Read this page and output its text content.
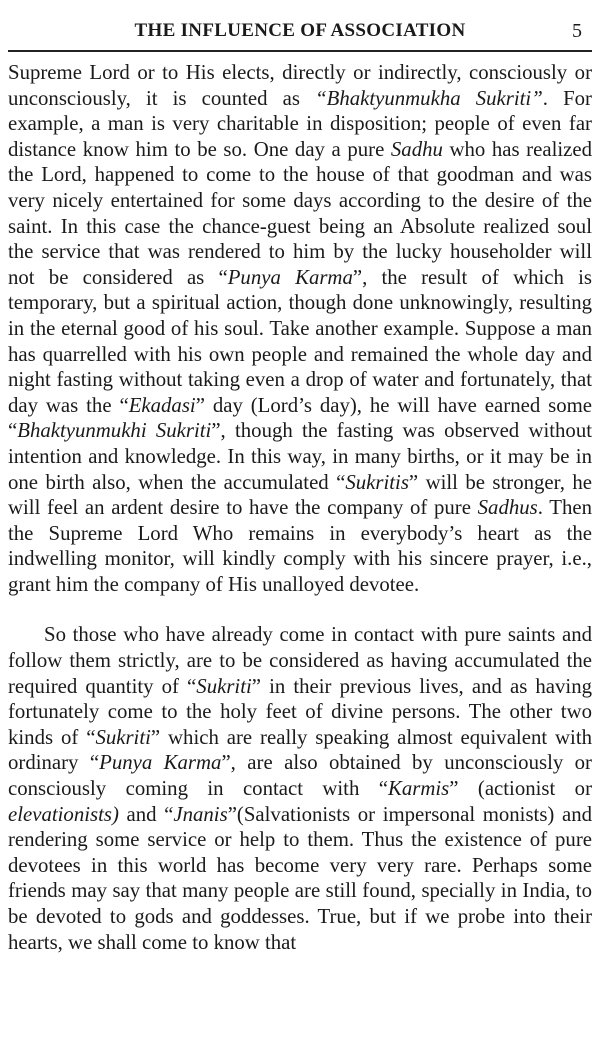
THE INFLUENCE OF ASSOCIATION	5

Supreme Lord or to His elects, directly or indirectly, consciously or unconsciously, it is counted as “Bhaktyunmukha Sukriti”. For example, a man is very charitable in disposition; people of even far distance know him to be so. One day a pure Sadhu who has realized the Lord, happened to come to the house of that goodman and was very nicely entertained for some days according to the desire of the saint. In this case the chance-guest being an Absolute realized soul the service that was rendered to him by the lucky householder will not be considered as “Punya Karma”, the result of which is temporary, but a spiritual action, though done unknowingly, resulting in the eternal good of his soul. Take another example. Suppose a man has quarrelled with his own people and remained the whole day and night fasting without taking even a drop of water and fortunately, that day was the “Ekadasi” day (Lord’s day), he will have earned some “Bhaktyunmukhi Sukriti”, though the fasting was observed without intention and knowledge. In this way, in many births, or it may be in one birth also, when the accumulated “Sukritis” will be stronger, he will feel an ardent desire to have the company of pure Sadhus. Then the Supreme Lord Who remains in everybody’s heart as the indwelling monitor, will kindly comply with his sincere prayer, i.e., grant him the company of His unalloyed devotee.

So those who have already come in contact with pure saints and follow them strictly, are to be considered as having accumulated the required quantity of “Sukriti” in their previous lives, and as having fortunately come to the holy feet of divine persons. The other two kinds of “Sukriti” which are really speaking almost equivalent with ordinary “Punya Karma”, are also obtained by unconsciously or consciously coming in contact with “Karmis” (actionist or elevationists) and “Jnanis”(Salvationists or impersonal monists) and rendering some service or help to them. Thus the existence of pure devotees in this world has become very very rare. Perhaps some friends may say that many people are still found, specially in India, to be devoted to gods and goddesses. True, but if we probe into their hearts, we shall come to know that
